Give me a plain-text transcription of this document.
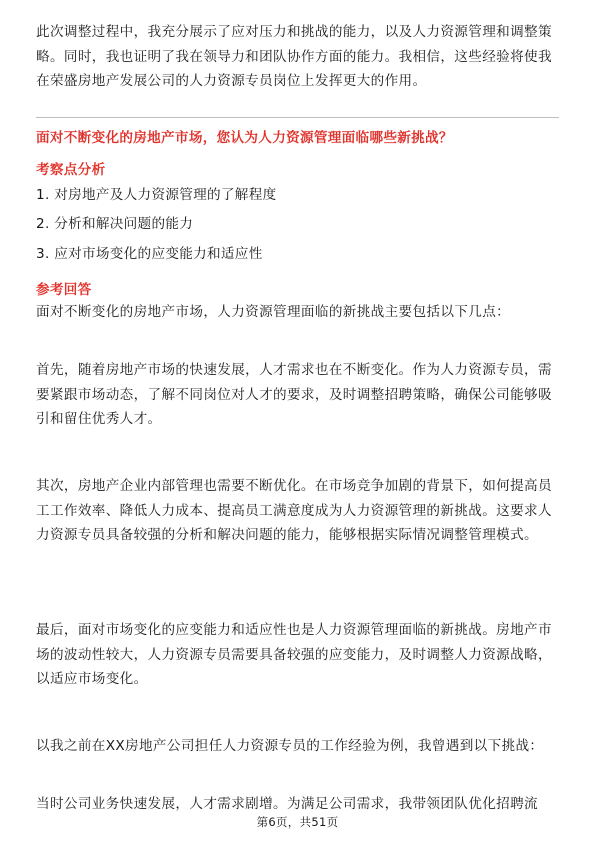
此次调整过程中，我充分展示了应对压力和挑战的能力，以及人力资源管理和调整策略。同时，我也证明了我在领导力和团队协作方面的能力。我相信，这些经验将使我在荣盛房地产发展公司的人力资源专员岗位上发挥更大的作用。

面对不断变化的房地产市场，您认为人力资源管理面临哪些新挑战？

考察点分析

1. 对房地产及人力资源管理的了解程度

2. 分析和解决问题的能力

3. 应对市场变化的应变能力和适应性

参考回答

面对不断变化的房地产市场，人力资源管理面临的新挑战主要包括以下几点：

首先，随着房地产市场的快速发展，人才需求也在不断变化。作为人力资源专员，需要紧跟市场动态，了解不同岗位对人才的要求，及时调整招聘策略，确保公司能够吸引和留住优秀人才。

其次，房地产企业内部管理也需要不断优化。在市场竞争加剧的背景下，如何提高员工工作效率、降低人力成本、提高员工满意度成为人力资源管理的新挑战。这要求人力资源专员具备较强的分析和解决问题的能力，能够根据实际情况调整管理模式。

最后，面对市场变化的应变能力和适应性也是人力资源管理面临的新挑战。房地产市场的波动性较大，人力资源专员需要具备较强的应变能力，及时调整人力资源战略，以适应市场变化。

以我之前在XX房地产公司担任人力资源专员的工作经验为例，我曾遇到以下挑战：

当时公司业务快速发展，人才需求剧增。为满足公司需求，我带领团队优化招聘流

第6页，共51页
